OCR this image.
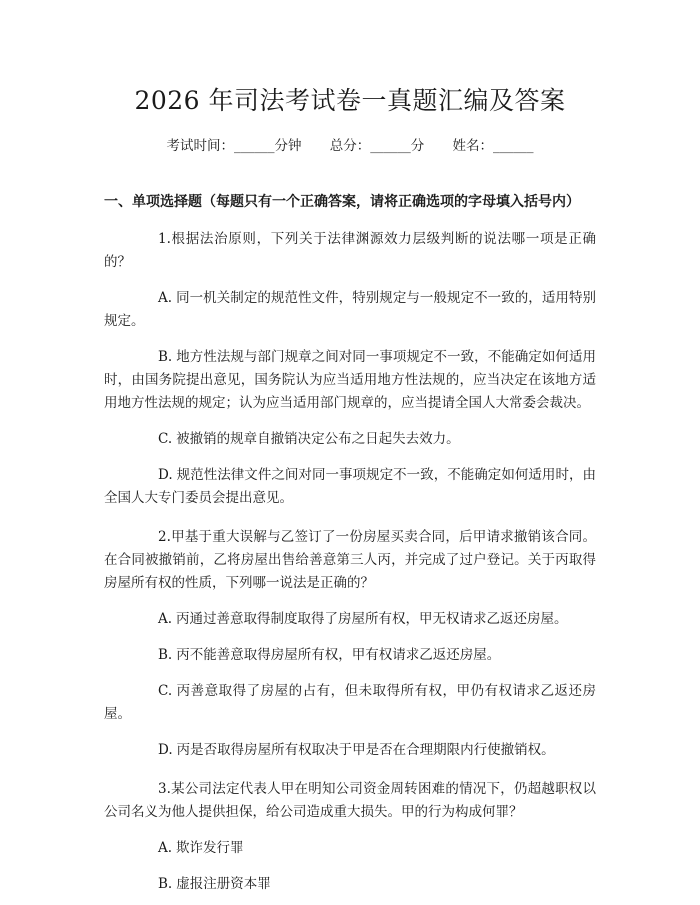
2026 年司法考试卷一真题汇编及答案
考试时间：______分钟 总分：______分 姓名：______
一、单项选择题（每题只有一个正确答案，请将正确选项的字母填入括号内）
1.根据法治原则，下列关于法律渊源效力层级判断的说法哪一项是正确的？
A. 同一机关制定的规范性文件，特别规定与一般规定不一致的，适用特别规定。
B. 地方性法规与部门规章之间对同一事项规定不一致，不能确定如何适用时，由国务院提出意见，国务院认为应当适用地方性法规的，应当决定在该地方适用地方性法规的规定；认为应当适用部门规章的，应当提请全国人大常委会裁决。
C. 被撤销的规章自撤销决定公布之日起失去效力。
D. 规范性法律文件之间对同一事项规定不一致，不能确定如何适用时，由全国人大专门委员会提出意见。
2.甲基于重大误解与乙签订了一份房屋买卖合同，后甲请求撤销该合同。在合同被撤销前，乙将房屋出售给善意第三人丙，并完成了过户登记。关于丙取得房屋所有权的性质，下列哪一说法是正确的？
A. 丙通过善意取得制度取得了房屋所有权，甲无权请求乙返还房屋。
B. 丙不能善意取得房屋所有权，甲有权请求乙返还房屋。
C. 丙善意取得了房屋的占有，但未取得所有权，甲仍有权请求乙返还房屋。
D. 丙是否取得房屋所有权取决于甲是否在合理期限内行使撤销权。
3.某公司法定代表人甲在明知公司资金周转困难的情况下，仍超越职权以公司名义为他人提供担保，给公司造成重大损失。甲的行为构成何罪？
A. 欺诈发行罪
B. 虚报注册资本罪
